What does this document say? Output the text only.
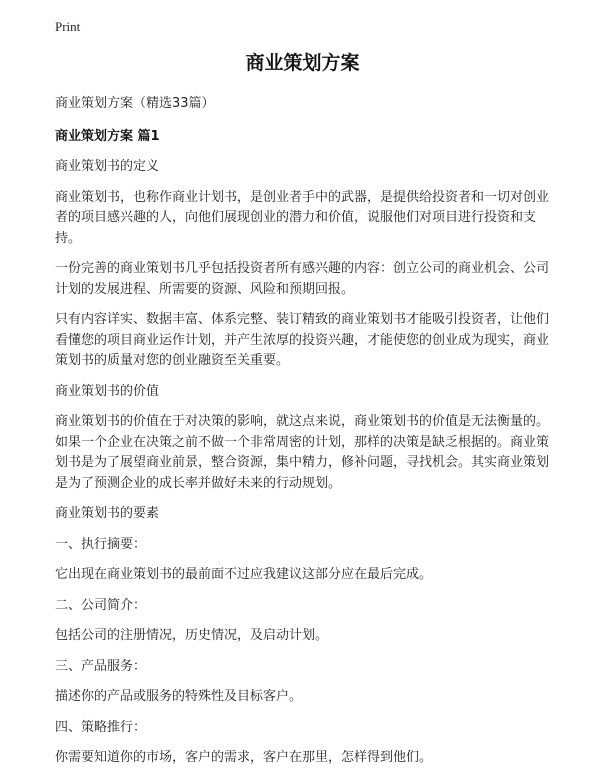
Print
商业策划方案

商业策划方案（精选33篇）

商业策划方案 篇1

商业策划书的定义

商业策划书，也称作商业计划书，是创业者手中的武器，是提供给投资者和一切对创业者的项目感兴趣的人，向他们展现创业的潜力和价值，说服他们对项目进行投资和支持。

一份完善的商业策划书几乎包括投资者所有感兴趣的内容：创立公司的商业机会、公司计划的发展进程、所需要的资源、风险和预期回报。

只有内容详实、数据丰富、体系完整、装订精致的商业策划书才能吸引投资者，让他们看懂您的项目商业运作计划，并产生浓厚的投资兴趣，才能使您的创业成为现实，商业策划书的质量对您的创业融资至关重要。

商业策划书的价值

商业策划书的价值在于对决策的影响，就这点来说，商业策划书的价值是无法衡量的。如果一个企业在决策之前不做一个非常周密的计划，那样的决策是缺乏根据的。商业策划书是为了展望商业前景，整合资源，集中精力，修补问题，寻找机会。其实商业策划是为了预测企业的成长率并做好未来的行动规划。

商业策划书的要素

一、执行摘要：

它出现在商业策划书的最前面不过应我建议这部分应在最后完成。

二、公司简介：

包括公司的注册情况，历史情况，及启动计划。

三、产品服务：

描述你的产品或服务的特殊性及目标客户。

四、策略推行：

你需要知道你的市场，客户的需求，客户在那里，怎样得到他们。
